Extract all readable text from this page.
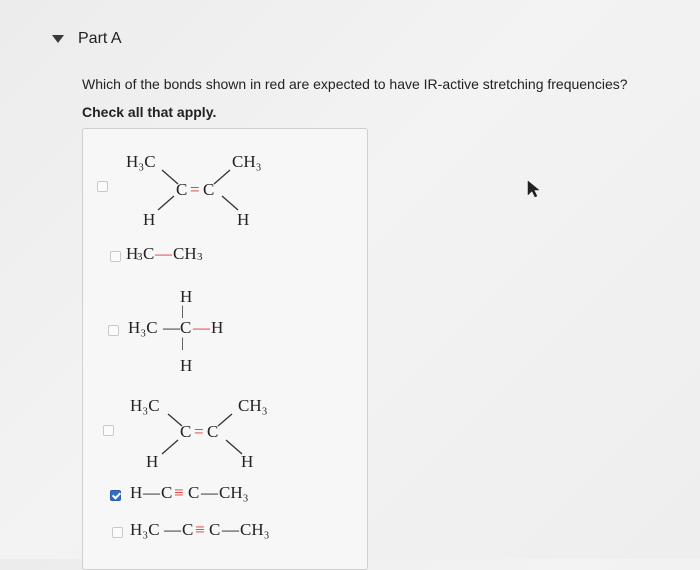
Part A
Which of the bonds shown in red are expected to have IR-active stretching frequencies?
Check all that apply.
H₃C	CH₃
C = C
H	H
H
3 C — CH 3
H
|
H₃C — C — H
|
H
H₃C	CH₃
C = C
H	H
H — C ≡ C — CH₃
H₃C — C ≡ C — CH₃
